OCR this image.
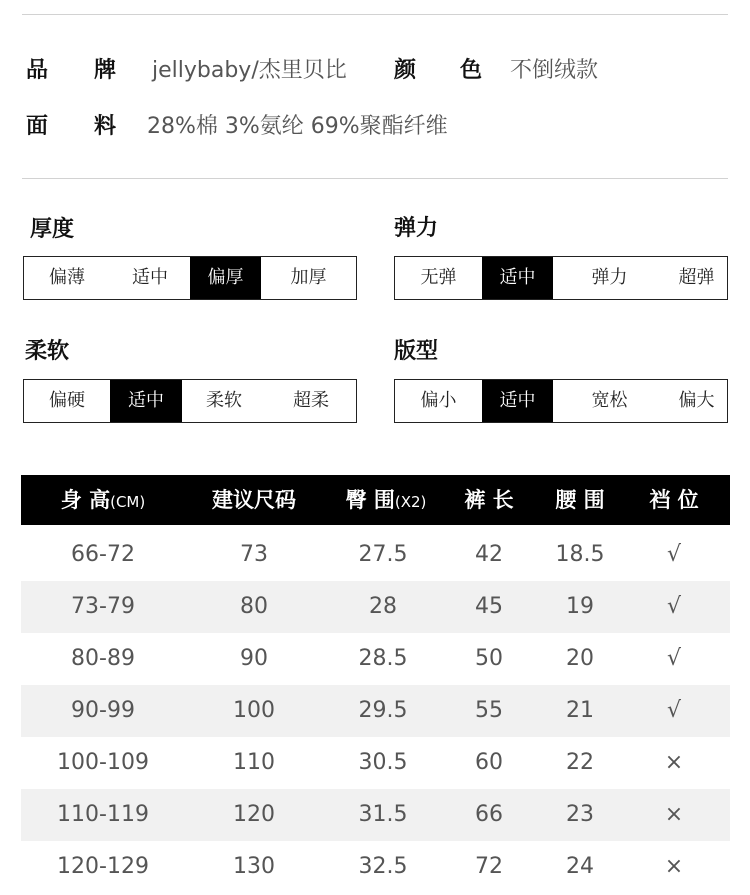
品 牌 jellybaby/杰里贝比 颜 色 不倒绒款
面 料 28%棉 3%氨纶 69%聚酯纤维
厚度
偏薄	适中	偏厚	加厚
弹力
无弹	适中	弹力	超弹
柔软
偏硬	适中	柔软	超柔
版型
偏小	适中	宽松	偏大
身 高(CM)	建议尺码	臀 围(X2)	裤 长	腰 围	裆 位
66-72	73	27.5	42	18.5	√
73-79	80	28	45	19	√
80-89	90	28.5	50	20	√
90-99	100	29.5	55	21	√
100-109	110	30.5	60	22	×
110-119	120	31.5	66	23	×
120-129	130	32.5	72	24	×
